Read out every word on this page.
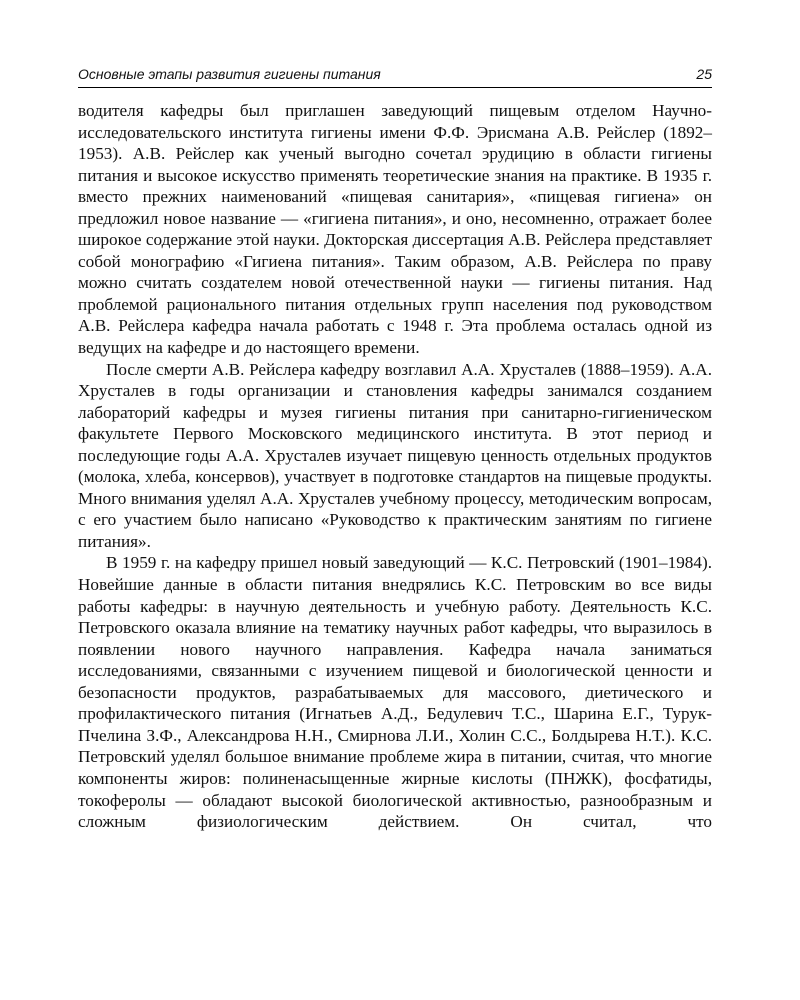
Основные этапы развития гигиены питания	25

водителя кафедры был приглашен заведующий пищевым отделом Научно-исследовательского института гигиены имени Ф.Ф. Эрисмана А.В. Рейслер (1892–1953). А.В. Рейслер как ученый выгодно сочетал эрудицию в области гигиены питания и высокое искусство применять теоретические знания на практике. В 1935 г. вместо прежних наименований «пищевая санитария», «пищевая гигиена» он предложил новое название — «гигиена питания», и оно, несомненно, отражает более широкое содержание этой науки. Докторская диссертация А.В. Рейслера представляет собой монографию «Гигиена питания». Таким образом, А.В. Рейслера по праву можно считать создателем новой отечественной науки — гигиены питания. Над проблемой рационального питания отдельных групп населения под руководством А.В. Рейслера кафедра начала работать с 1948 г. Эта проблема осталась одной из ведущих на кафедре и до настоящего времени.

После смерти А.В. Рейслера кафедру возглавил А.А. Хрусталев (1888–1959). А.А. Хрусталев в годы организации и становления кафедры занимался созданием лабораторий кафедры и музея гигиены питания при санитарно-гигиеническом факультете Первого Московского медицинского института. В этот период и последующие годы А.А. Хрусталев изучает пищевую ценность отдельных продуктов (молока, хлеба, консервов), участвует в подготовке стандартов на пищевые продукты. Много внимания уделял А.А. Хрусталев учебному процессу, методическим вопросам, с его участием было написано «Руководство к практическим занятиям по гигиене питания».

В 1959 г. на кафедру пришел новый заведующий — К.С. Петровский (1901–1984). Новейшие данные в области питания внедрялись К.С. Петровским во все виды работы кафедры: в научную деятельность и учебную работу. Деятельность К.С. Петровского оказала влияние на тематику научных работ кафедры, что выразилось в появлении нового научного направления. Кафедра начала заниматься исследованиями, связанными с изучением пищевой и биологической ценности и безопасности продуктов, разрабатываемых для массового, диетического и профилактического питания (Игнатьев А.Д., Бедулевич Т.С., Шарина Е.Г., Турук-Пчелина З.Ф., Александрова Н.Н., Смирнова Л.И., Холин С.С., Болдырева Н.Т.). К.С. Петровский уделял большое внимание проблеме жира в питании, считая, что многие компоненты жиров: полиненасыщенные жирные кислоты (ПНЖК), фосфатиды, токоферолы — обладают высокой биологической активностью, разнообразным и сложным физиологическим действием. Он считал, что
